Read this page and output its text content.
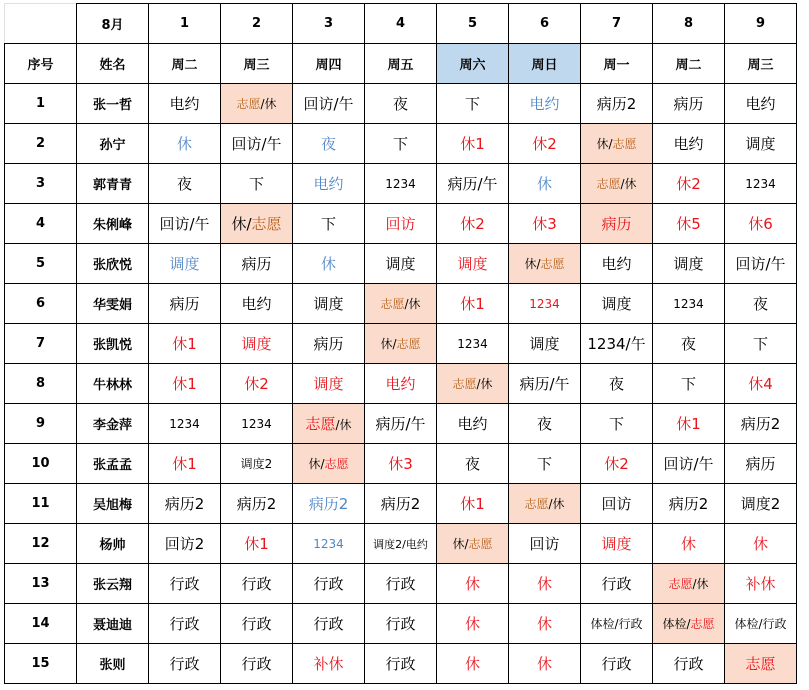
	8月	1	2	3	4	5	6	7	8	9
序号	姓名	周二	周三	周四	周五	周六	周日	周一	周二	周三
1	张一哲	电约	志愿/休	回访/午	夜	下	电约	病历2	病历	电约
2	孙宁	休	回访/午	夜	下	休1	休2	休/志愿	电约	调度
3	郭青青	夜	下	电约	1234	病历/午	休	志愿/休	休2	1234
4	朱俐峰	回访/午	休/志愿	下	回访	休2	休3	病历	休5	休6
5	张欣悦	调度	病历	休	调度	调度	休/志愿	电约	调度	回访/午
6	华雯娟	病历	电约	调度	志愿/休	休1	1234	调度	1234	夜
7	张凯悦	休1	调度	病历	休/志愿	1234	调度	1234/午	夜	下
8	牛林林	休1	休2	调度	电约	志愿/休	病历/午	夜	下	休4
9	李金萍	1234	1234	志愿/休	病历/午	电约	夜	下	休1	病历2
10	张孟孟	休1	调度2	休/志愿	休3	夜	下	休2	回访/午	病历
11	吴旭梅	病历2	病历2	病历2	病历2	休1	志愿/休	回访	病历2	调度2
12	杨帅	回访2	休1	1234	调度2/电约	休/志愿	回访	调度	休	休
13	张云翔	行政	行政	行政	行政	休	休	行政	志愿/休	补休
14	聂迪迪	行政	行政	行政	行政	休	休	体检/行政	体检/志愿	体检/行政
15	张则	行政	行政	补休	行政	休	休	行政	行政	志愿
